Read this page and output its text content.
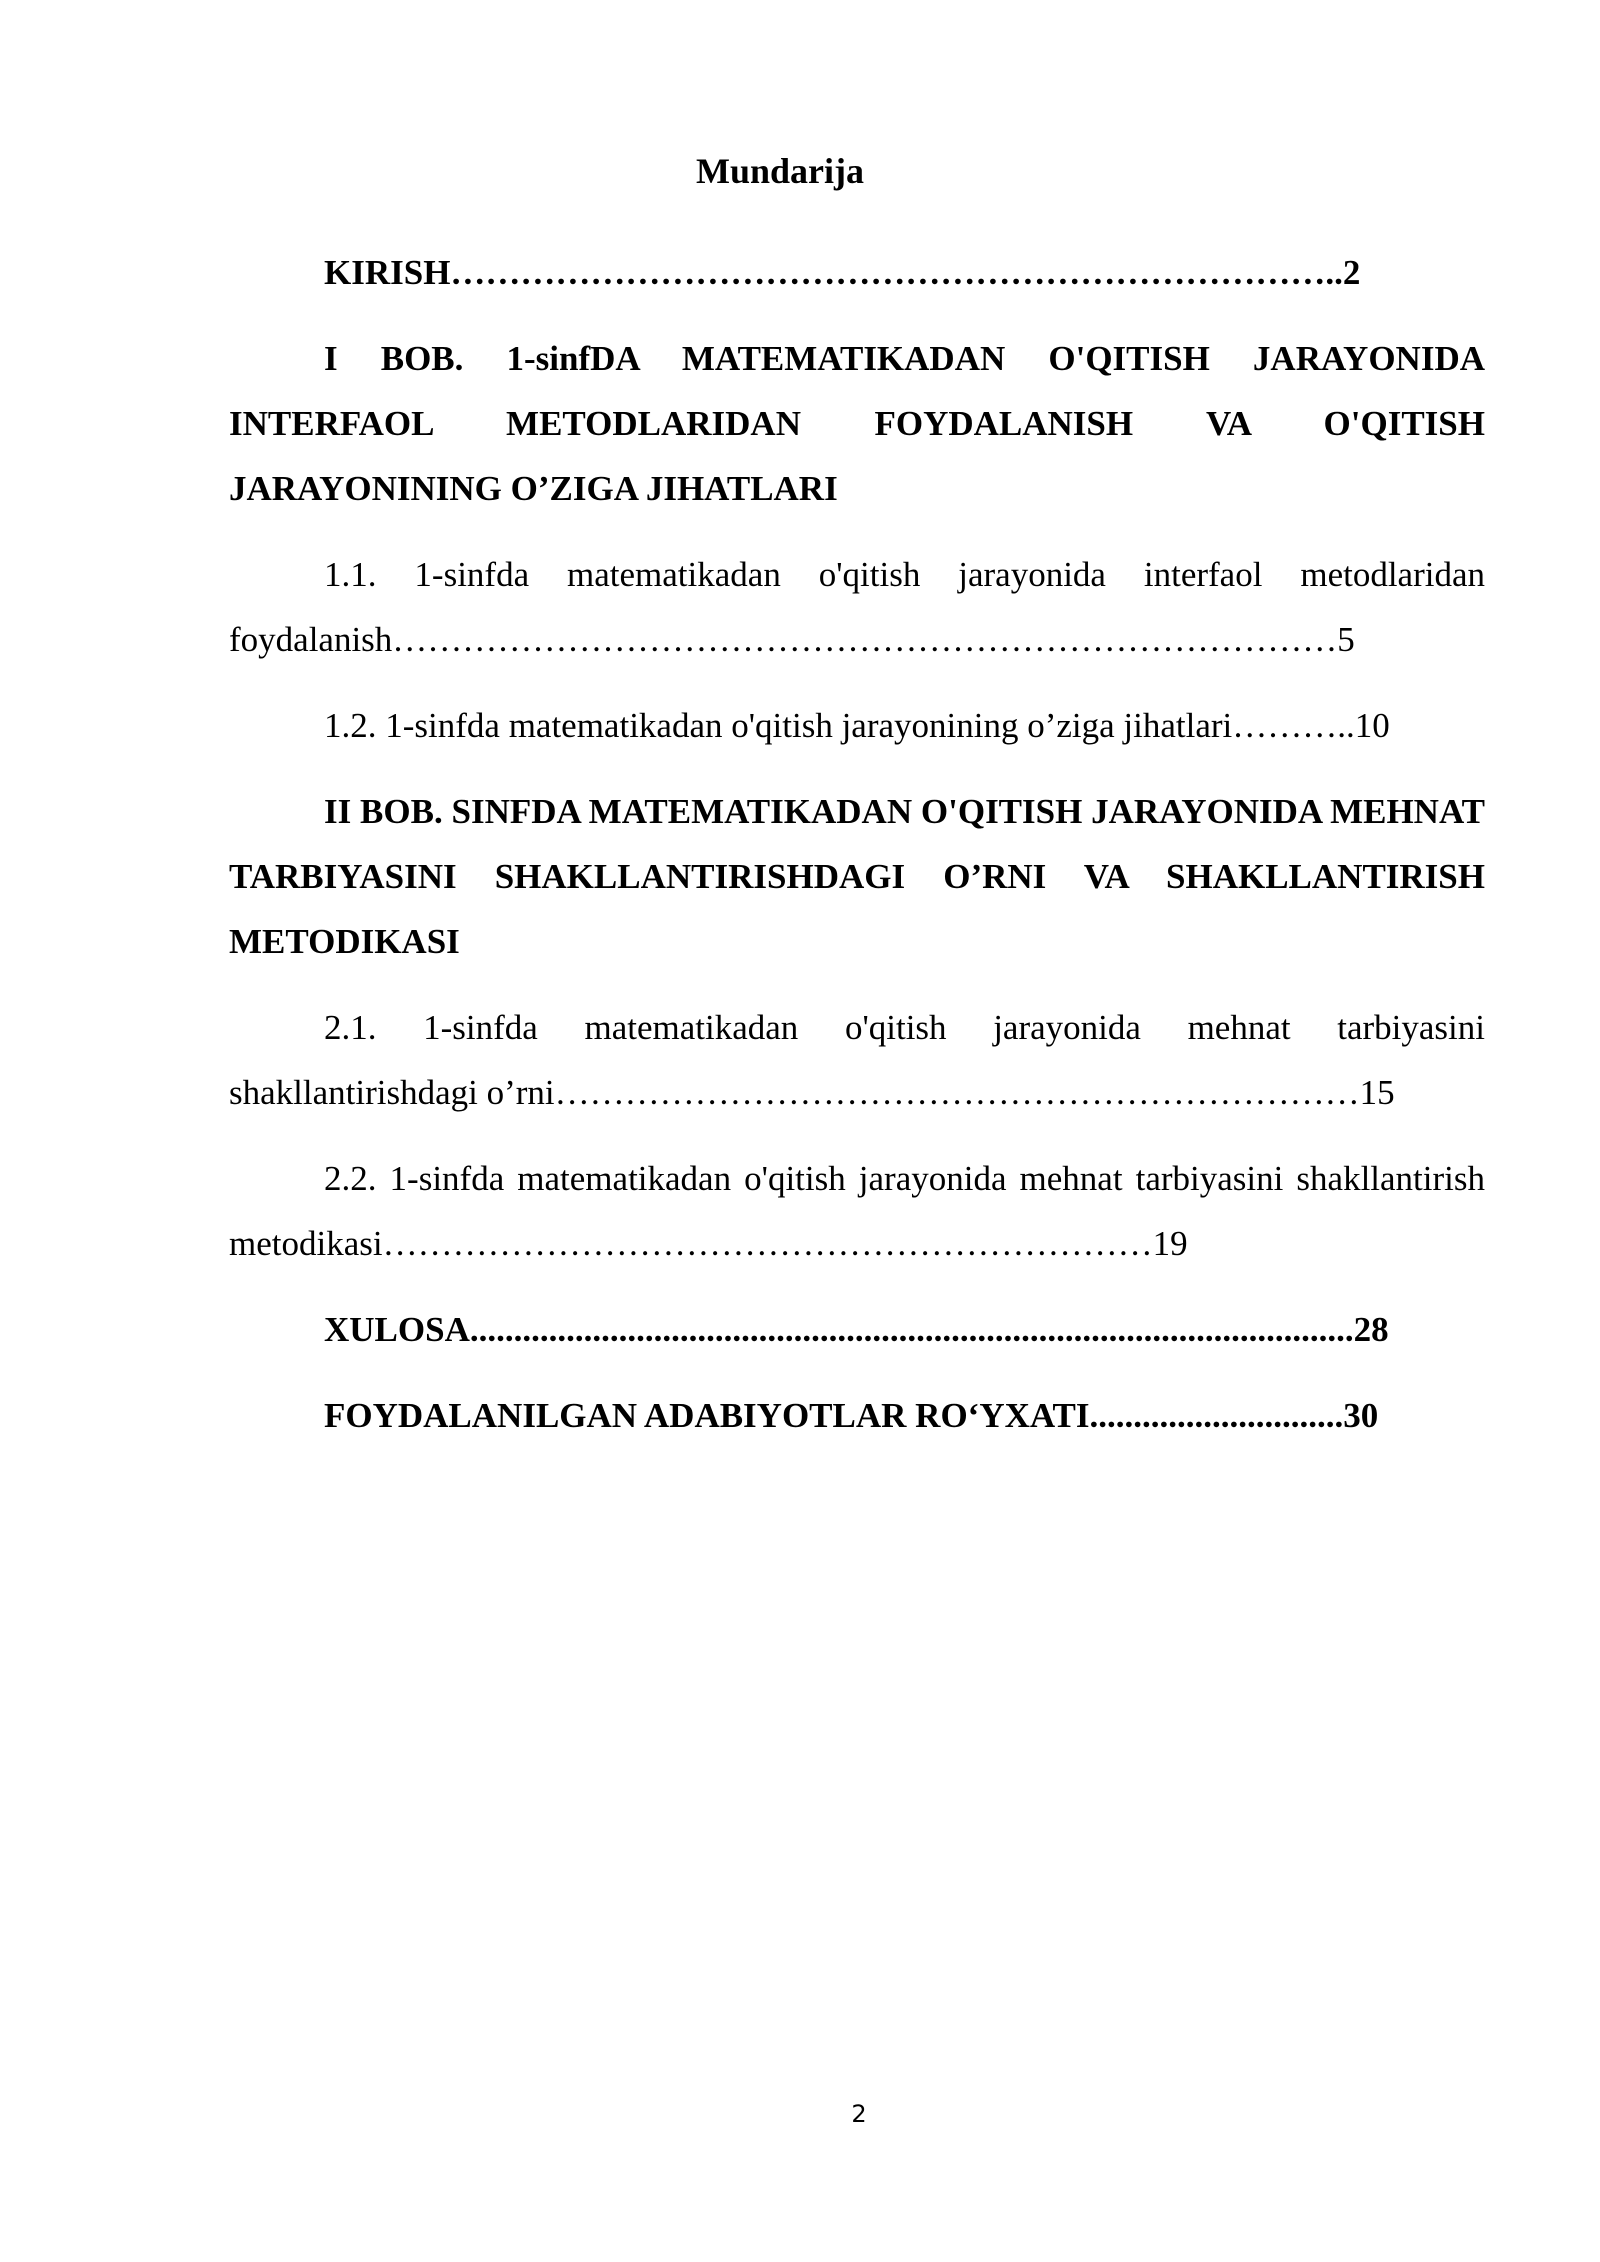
Mundarija

KIRISH…………………………………………………………………..2

I BOB. 1-sinfDA MATEMATIKADAN O'QITISH JARAYONIDA INTERFAOL METODLARIDAN FOYDALANISH VA O'QITISH JARAYONINING O’ZIGA JIHATLARI

1.1. 1-sinfda matematikadan o'qitish jarayonida interfaol metodlaridan foydalanish………………………………………………………………………5

1.2. 1-sinfda matematikadan o'qitish jarayonining o’ziga jihatlari………..10

II BOB. SINFDA MATEMATIKADAN O'QITISH JARAYONIDA MEHNAT TARBIYASINI SHAKLLANTIRISHDAGI O’RNI VA SHAKLLANTIRISH METODIKASI

2.1. 1-sinfda matematikadan o'qitish jarayonida mehnat tarbiyasini shakllantirishdagi o’rni……………………………………………………………15

2.2. 1-sinfda matematikadan o'qitish jarayonida mehnat tarbiyasini shakllantirish metodikasi…………………………………………………………19

XULOSA.....................................................................................................28

FOYDALANILGAN ADABIYOTLAR RO‘YXATI.............................30

2
